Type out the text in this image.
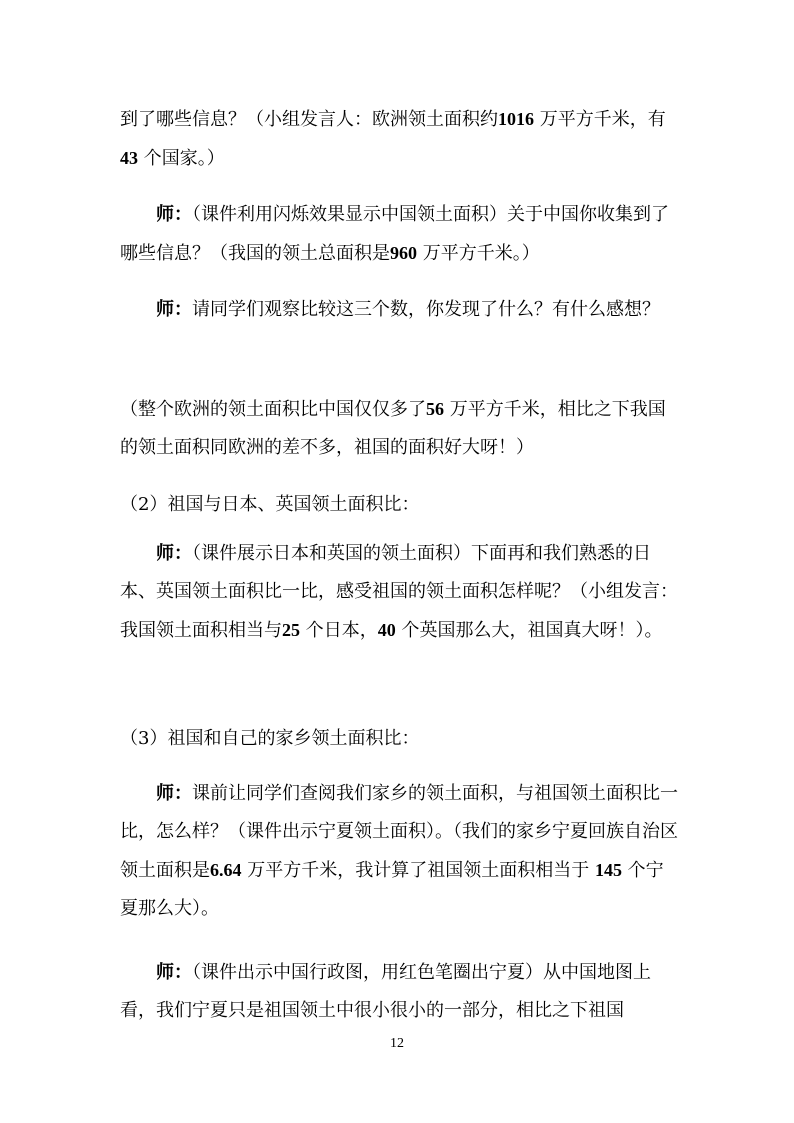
到了哪些信息？（小组发言人：欧洲领土面积约1016 万平方千米，有 43 个国家。）

师：（课件利用闪烁效果显示中国领土面积）关于中国你收集到了哪些信息？（我国的领土总面积是960 万平方千米。）

师：请同学们观察比较这三个数，你发现了什么？有什么感想？

（整个欧洲的领土面积比中国仅仅多了56 万平方千米，相比之下我国的领土面积同欧洲的差不多，祖国的面积好大呀！）

（2）祖国与日本、英国领土面积比：

师：（课件展示日本和英国的领土面积）下面再和我们熟悉的日本、英国领土面积比一比，感受祖国的领土面积怎样呢？（小组发言：我国领土面积相当与25 个日本，40 个英国那么大，祖国真大呀！）。

（3）祖国和自己的家乡领土面积比：

师：课前让同学们查阅我们家乡的领土面积，与祖国领土面积比一比，怎么样？（课件出示宁夏领土面积）。（我们的家乡宁夏回族自治区领土面积是6.64 万平方千米，我计算了祖国领土面积相当于 145 个宁夏那么大）。

师：（课件出示中国行政图，用红色笔圈出宁夏）从中国地图上看，我们宁夏只是祖国领土中很小很小的一部分，相比之下祖国

12
